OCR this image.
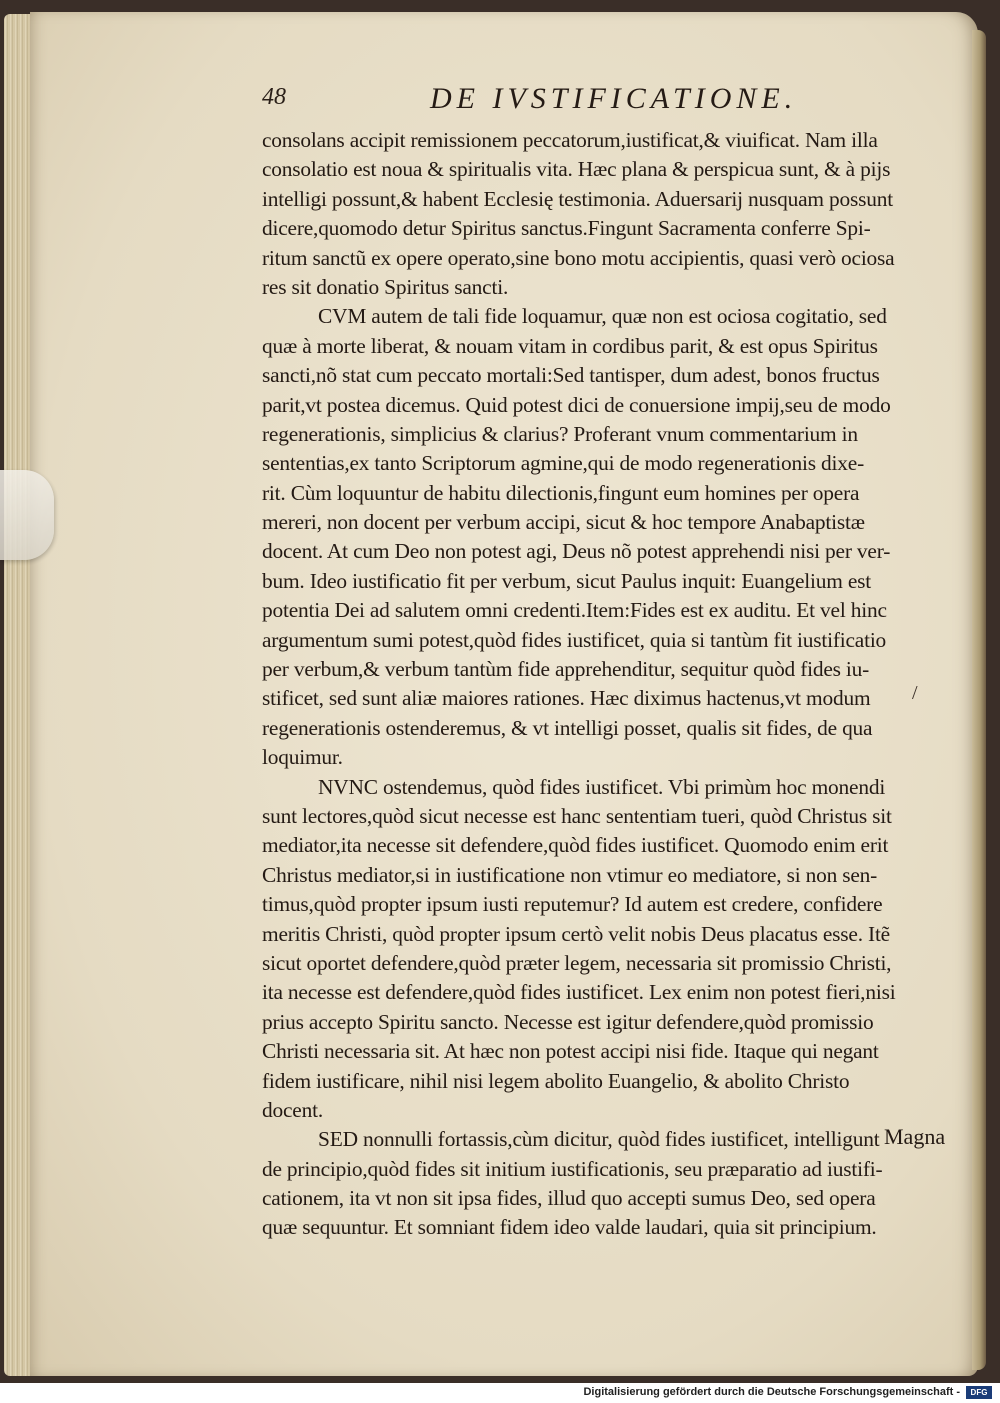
48	DE IVSTIFICATIONE.
consolans accipit remissionem peccatorum,iustificat,& viuificat. Nam illa
consolatio est noua & spiritualis vita. Hæc plana & perspicua sunt, & à pijs
intelligi possunt,& habent Ecclesię testimonia. Aduersarij nusquam possunt
dicere,quomodo detur Spiritus sanctus.Fingunt Sacramenta conferre Spi-
ritum sanctũ ex opere operato,sine bono motu accipientis, quasi verò ociosa
res sit donatio Spiritus sancti.
CVM autem de tali fide loquamur, quæ non est ociosa cogitatio, sed
quæ à morte liberat, & nouam vitam in cordibus parit, & est opus Spiritus
sancti,nõ stat cum peccato mortali:Sed tantisper, dum adest, bonos fructus
parit,vt postea dicemus. Quid potest dici de conuersione impij,seu de modo
regenerationis, simplicius & clarius? Proferant vnum commentarium in
sententias,ex tanto Scriptorum agmine,qui de modo regenerationis dixe-
rit. Cùm loquuntur de habitu dilectionis,fingunt eum homines per opera
mereri, non docent per verbum accipi, sicut & hoc tempore Anabaptistæ
docent. At cum Deo non potest agi, Deus nõ potest apprehendi nisi per ver-
bum. Ideo iustificatio fit per verbum, sicut Paulus inquit: Euangelium est
potentia Dei ad salutem omni credenti.Item:Fides est ex auditu. Et vel hinc
argumentum sumi potest,quòd fides iustificet, quia si tantùm fit iustificatio
per verbum,& verbum tantùm fide apprehenditur, sequitur quòd fides iu-
stificet, sed sunt aliæ maiores rationes. Hæc diximus hactenus,vt modum
regenerationis ostenderemus, & vt intelligi posset, qualis sit fides, de qua
loquimur.
NVNC ostendemus, quòd fides iustificet. Vbi primùm hoc monendi
sunt lectores,quòd sicut necesse est hanc sententiam tueri, quòd Christus sit
mediator,ita necesse sit defendere,quòd fides iustificet. Quomodo enim erit
Christus mediator,si in iustificatione non vtimur eo mediatore, si non sen-
timus,quòd propter ipsum iusti reputemur? Id autem est credere, confidere
meritis Christi, quòd propter ipsum certò velit nobis Deus placatus esse. Itẽ
sicut oportet defendere,quòd præter legem, necessaria sit promissio Christi,
ita necesse est defendere,quòd fides iustificet. Lex enim non potest fieri,nisi
prius accepto Spiritu sancto. Necesse est igitur defendere,quòd promissio
Christi necessaria sit. At hæc non potest accipi nisi fide. Itaque qui negant
fidem iustificare, nihil nisi legem abolito Euangelio, & abolito Christo
docent.
SED nonnulli fortassis,cùm dicitur, quòd fides iustificet, intelligunt
de principio,quòd fides sit initium iustificationis, seu præparatio ad iustifi-
cationem, ita vt non sit ipsa fides, illud quo accepti sumus Deo, sed opera
quæ sequuntur. Et somniant fidem ideo valde laudari, quia sit principium.
/
Magna
Digitalisierung gefördert durch die Deutsche Forschungsgemeinschaft -	DFG
